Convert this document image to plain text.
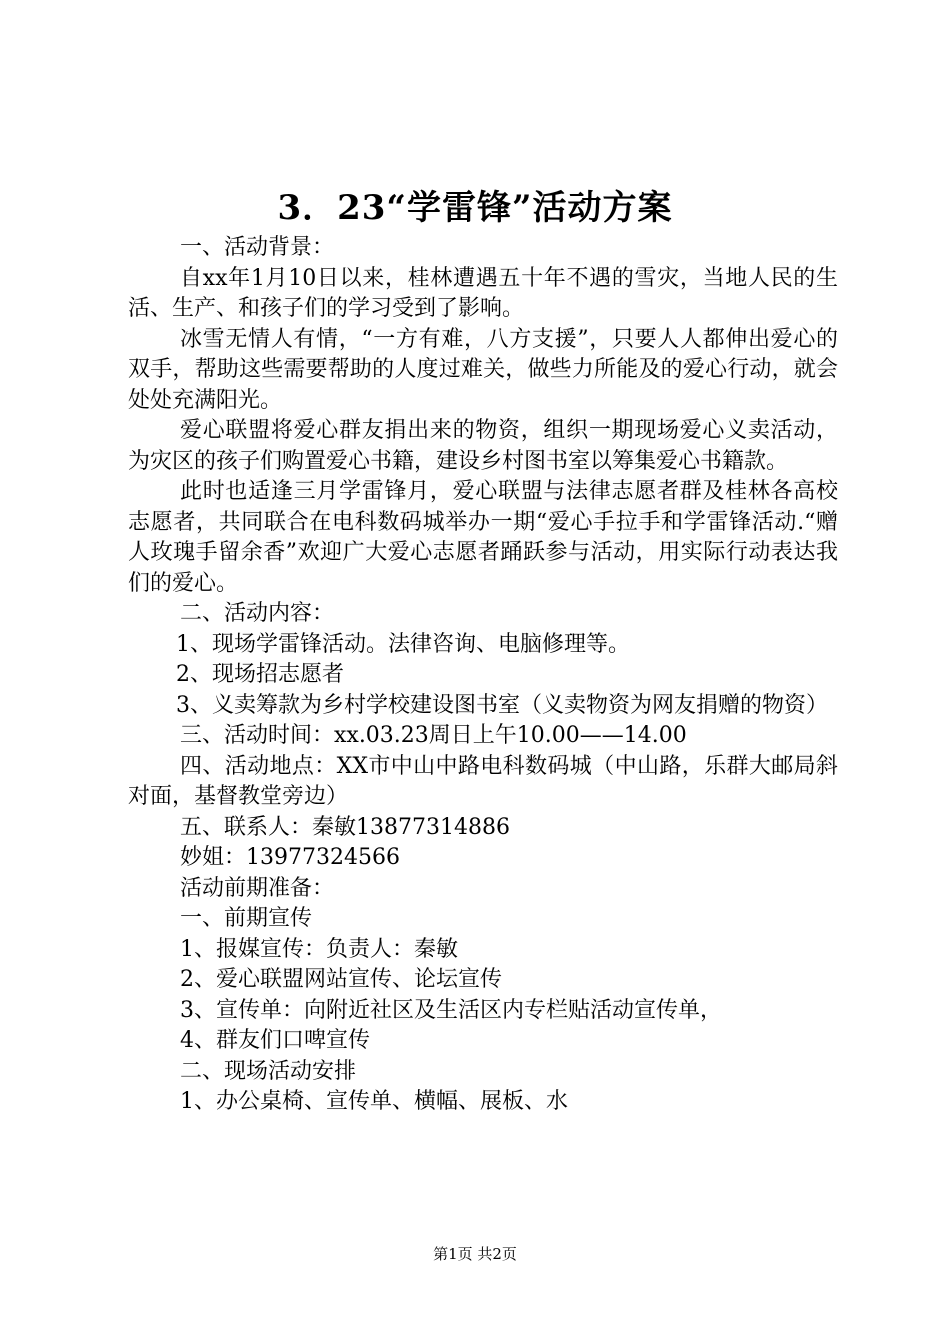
3．23“学雷锋”活动方案

一、活动背景：

自xx年1月10日以来，桂林遭遇五十年不遇的雪灾，当地人民的生活、生产、和孩子们的学习受到了影响。

冰雪无情人有情，“一方有难，八方支援”，只要人人都伸出爱心的双手，帮助这些需要帮助的人度过难关，做些力所能及的爱心行动，就会处处充满阳光。

爱心联盟将爱心群友捐出来的物资，组织一期现场爱心义卖活动，为灾区的孩子们购置爱心书籍，建设乡村图书室以筹集爱心书籍款。

此时也适逢三月学雷锋月，爱心联盟与法律志愿者群及桂林各高校志愿者，共同联合在电科数码城举办一期“爱心手拉手和学雷锋活动.“赠人玫瑰手留余香”欢迎广大爱心志愿者踊跃参与活动，用实际行动表达我们的爱心。

二、活动内容：

1、现场学雷锋活动。法律咨询、电脑修理等。

2、现场招志愿者

3、义卖筹款为乡村学校建设图书室（义卖物资为网友捐赠的物资）

三、活动时间：xx.03.23周日上午10.00——14.00

四、活动地点：XX市中山中路电科数码城（中山路，乐群大邮局斜对面，基督教堂旁边）

五、联系人：秦敏13877314886

妙姐：13977324566

活动前期准备：

一、前期宣传

1、报媒宣传：负责人：秦敏

2、爱心联盟网站宣传、论坛宣传

3、宣传单：向附近社区及生活区内专栏贴活动宣传单，

4、群友们口啤宣传

二、现场活动安排

1、办公桌椅、宣传单、横幅、展板、水

第1页 共2页
